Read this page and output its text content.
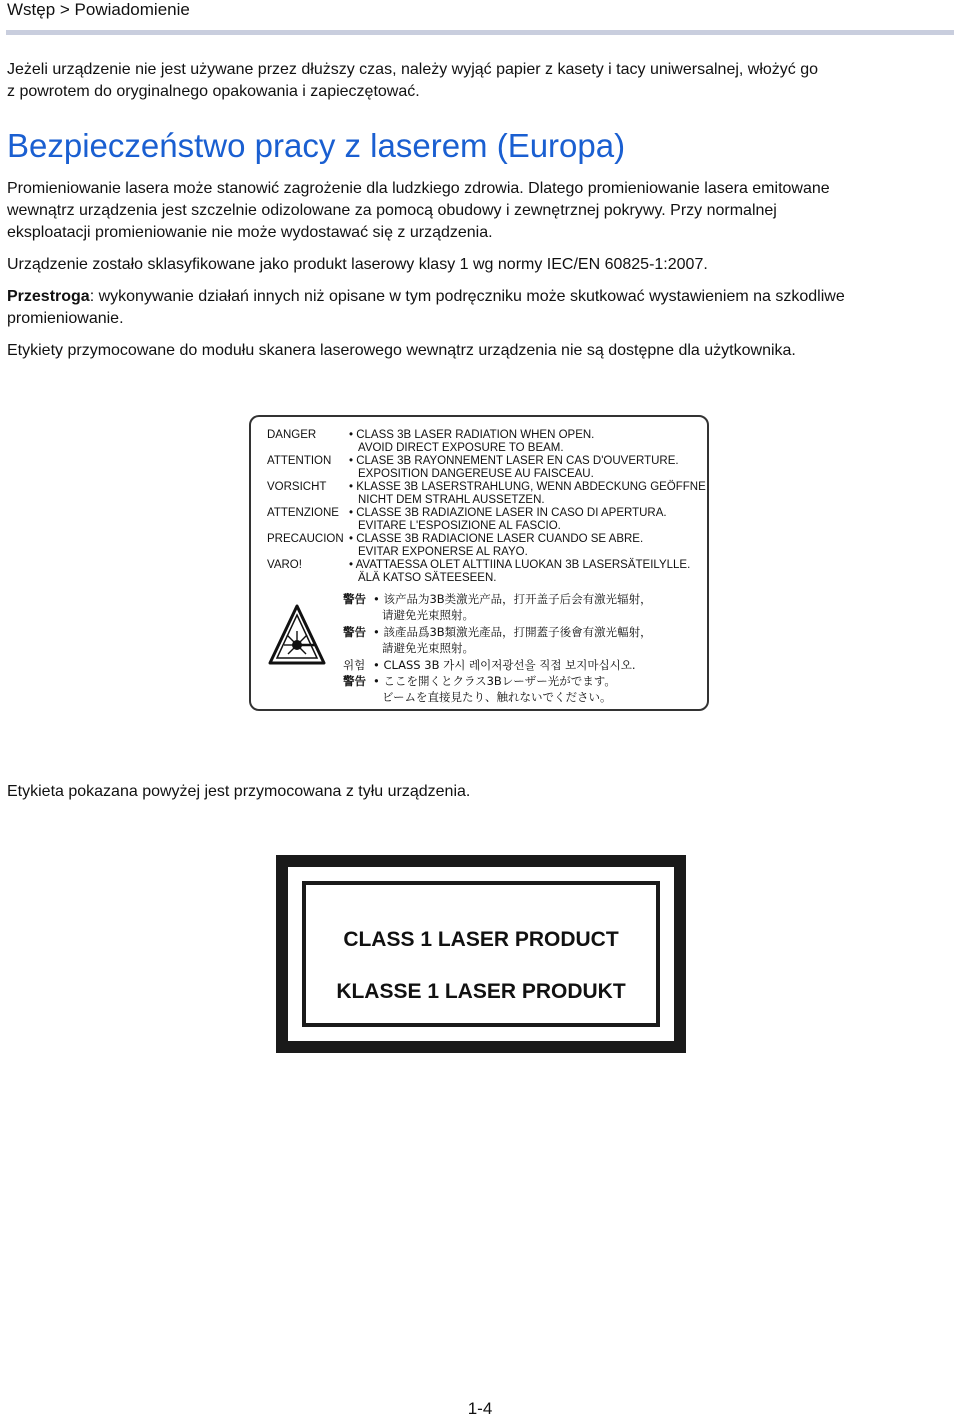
Wstęp > Powiadomienie
Jeżeli urządzenie nie jest używane przez dłuższy czas, należy wyjąć papier z kasety i tacy uniwersalnej, włożyć go
z powrotem do oryginalnego opakowania i zapieczętować.
Bezpieczeństwo pracy z laserem (Europa)
Promieniowanie lasera może stanowić zagrożenie dla ludzkiego zdrowia. Dlatego promieniowanie lasera emitowane
wewnątrz urządzenia jest szczelnie odizolowane za pomocą obudowy i zewnętrznej pokrywy. Przy normalnej
eksploatacji promieniowanie nie może wydostawać się z urządzenia.
Urządzenie zostało sklasyfikowane jako produkt laserowy klasy 1 wg normy IEC/EN 60825-1:2007.
Przestroga: wykonywanie działań innych niż opisane w tym podręczniku może skutkować wystawieniem na szkodliwe
promieniowanie.
Etykiety przymocowane do modułu skanera laserowego wewnątrz urządzenia nie są dostępne dla użytkownika.
DANGER	• CLASS 3B LASER RADIATION WHEN OPEN.
AVOID DIRECT EXPOSURE TO BEAM.
ATTENTION • CLASE 3B RAYONNEMENT LASER EN CAS D'OUVERTURE.
EXPOSITION DANGEREUSE AU FAISCEAU.
VORSICHT • KLASSE 3B LASERSTRAHLUNG, WENN ABDECKUNG GEÖFFNE
NICHT DEM STRAHL AUSSETZEN.
ATTENZIONE • CLASSE 3B RADIAZIONE LASER IN CASO DI APERTURA.
EVITARE L'ESPOSIZIONE AL FASCIO.
PRECAUCION • CLASSE 3B RADIACIONE LASER CUANDO SE ABRE.
EVITAR EXPONERSE AL RAYO.
VARO!	• AVATTAESSA OLET ALTTIINA LUOKAN 3B LASERSÄTEILYLLE.
ÄLÄ KATSO SÄTEESEEN.
警告 • 该产品为3B类激光产品，打开盖子后会有激光辐射，
请避免光束照射。
警告 • 該產品爲3B類激光產品，打開蓋子後會有激光輻射，
請避免光束照射。
위험 • CLASS 3B 가시 레이저광선을 직접 보지마십시오.
警告 • ここを開くとクラス3Bレーザー光がでます。
ビームを直接見たり、触れないでください。
Etykieta pokazana powyżej jest przymocowana z tyłu urządzenia.
CLASS 1 LASER PRODUCT
KLASSE 1 LASER PRODUKT
1-4
